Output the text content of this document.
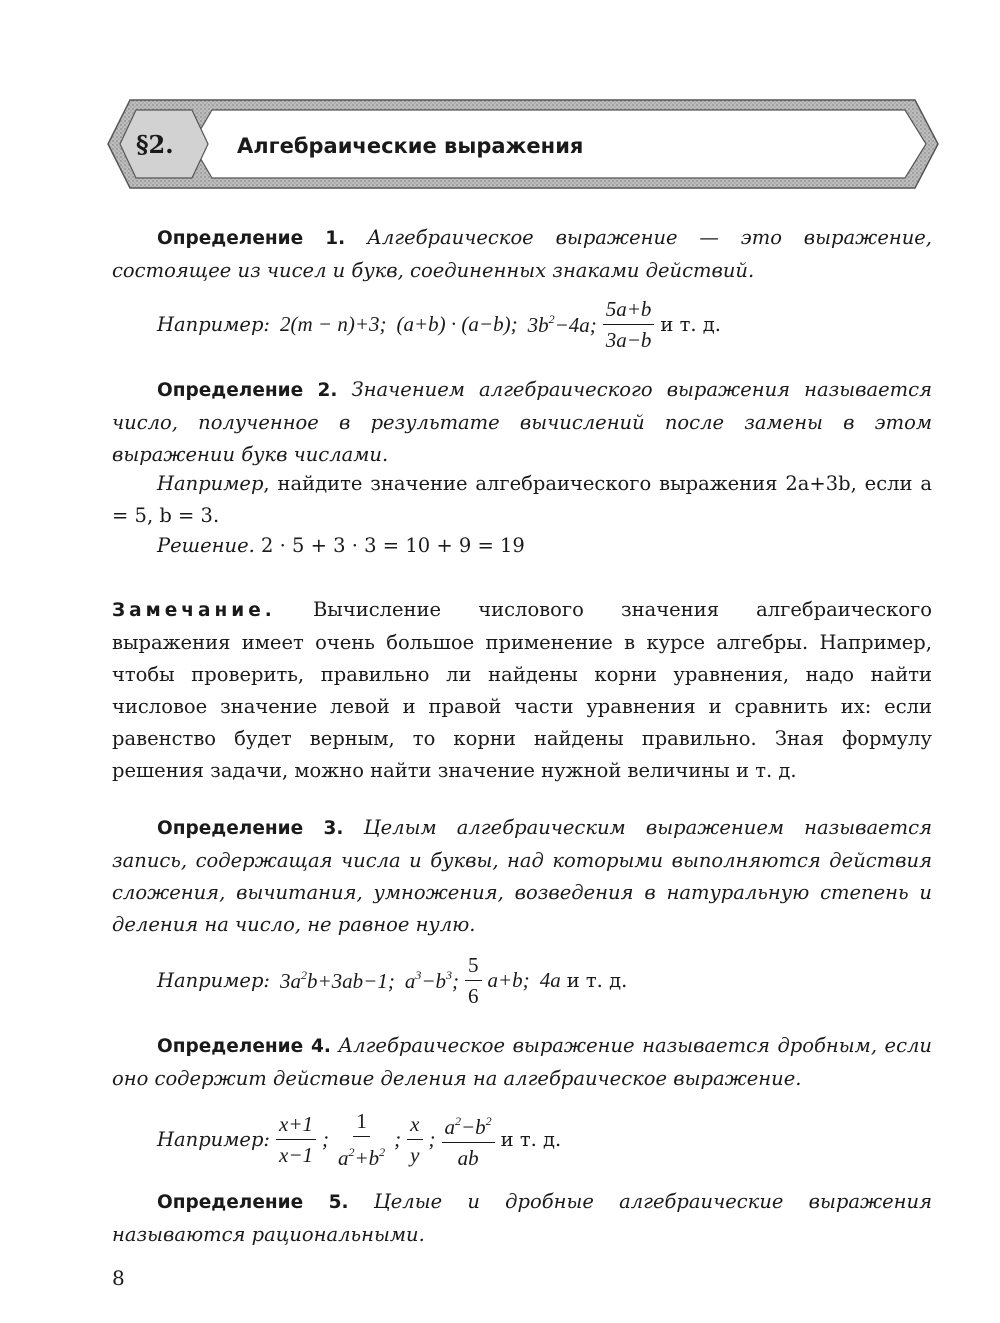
§2.	Алгебраические выражения
Определение 1. Алгебраическое выражение — это выражение, состоящее из чисел и букв, соединенных знаками действий.
Например: 2(m − n)+3; (a+b) · (a−b); $3b^2-4a$; $\frac{5a+b}{3a-b}$ и т. д.
Определение 2. Значением алгебраического выражения называется число, полученное в результате вычислений после замены в этом выражении букв числами.
Например, найдите значение алгебраического выражения 2a+3b, если a = 5, b = 3.
Решение. 2 · 5 + 3 · 3 = 10 + 9 = 19
Замечание. Вычисление числового значения алгебраического выражения имеет очень большое применение в курсе алгебры. Например, чтобы проверить, правильно ли найдены корни уравнения, надо найти числовое значение левой и правой части уравнения и сравнить их: если равенство будет верным, то корни найдены правильно. Зная формулу решения задачи, можно найти значение нужной величины и т. д.
Определение 3. Целым алгебраическим выражением называется запись, содержащая числа и буквы, над которыми выполняются действия сложения, вычитания, умножения, возведения в натуральную степень и деления на число, не равное нулю.
Например: $3a^2b+3ab-1$; $a^3-b^3$; $\frac{5}{6} a+b$; 4a и т. д.
Определение 4. Алгебраическое выражение называется дробным, если оно содержит действие деления на алгебраическое выражение.
Например: $\frac{x+1}{x-1}$ ; $\frac{1}{a^2+b^2}$ ; $\frac{x}{y}$ ; $\frac{a^2-b^2}{ab}$ и т. д.
Определение 5. Целые и дробные алгебраические выражения называются рациональными.
8
